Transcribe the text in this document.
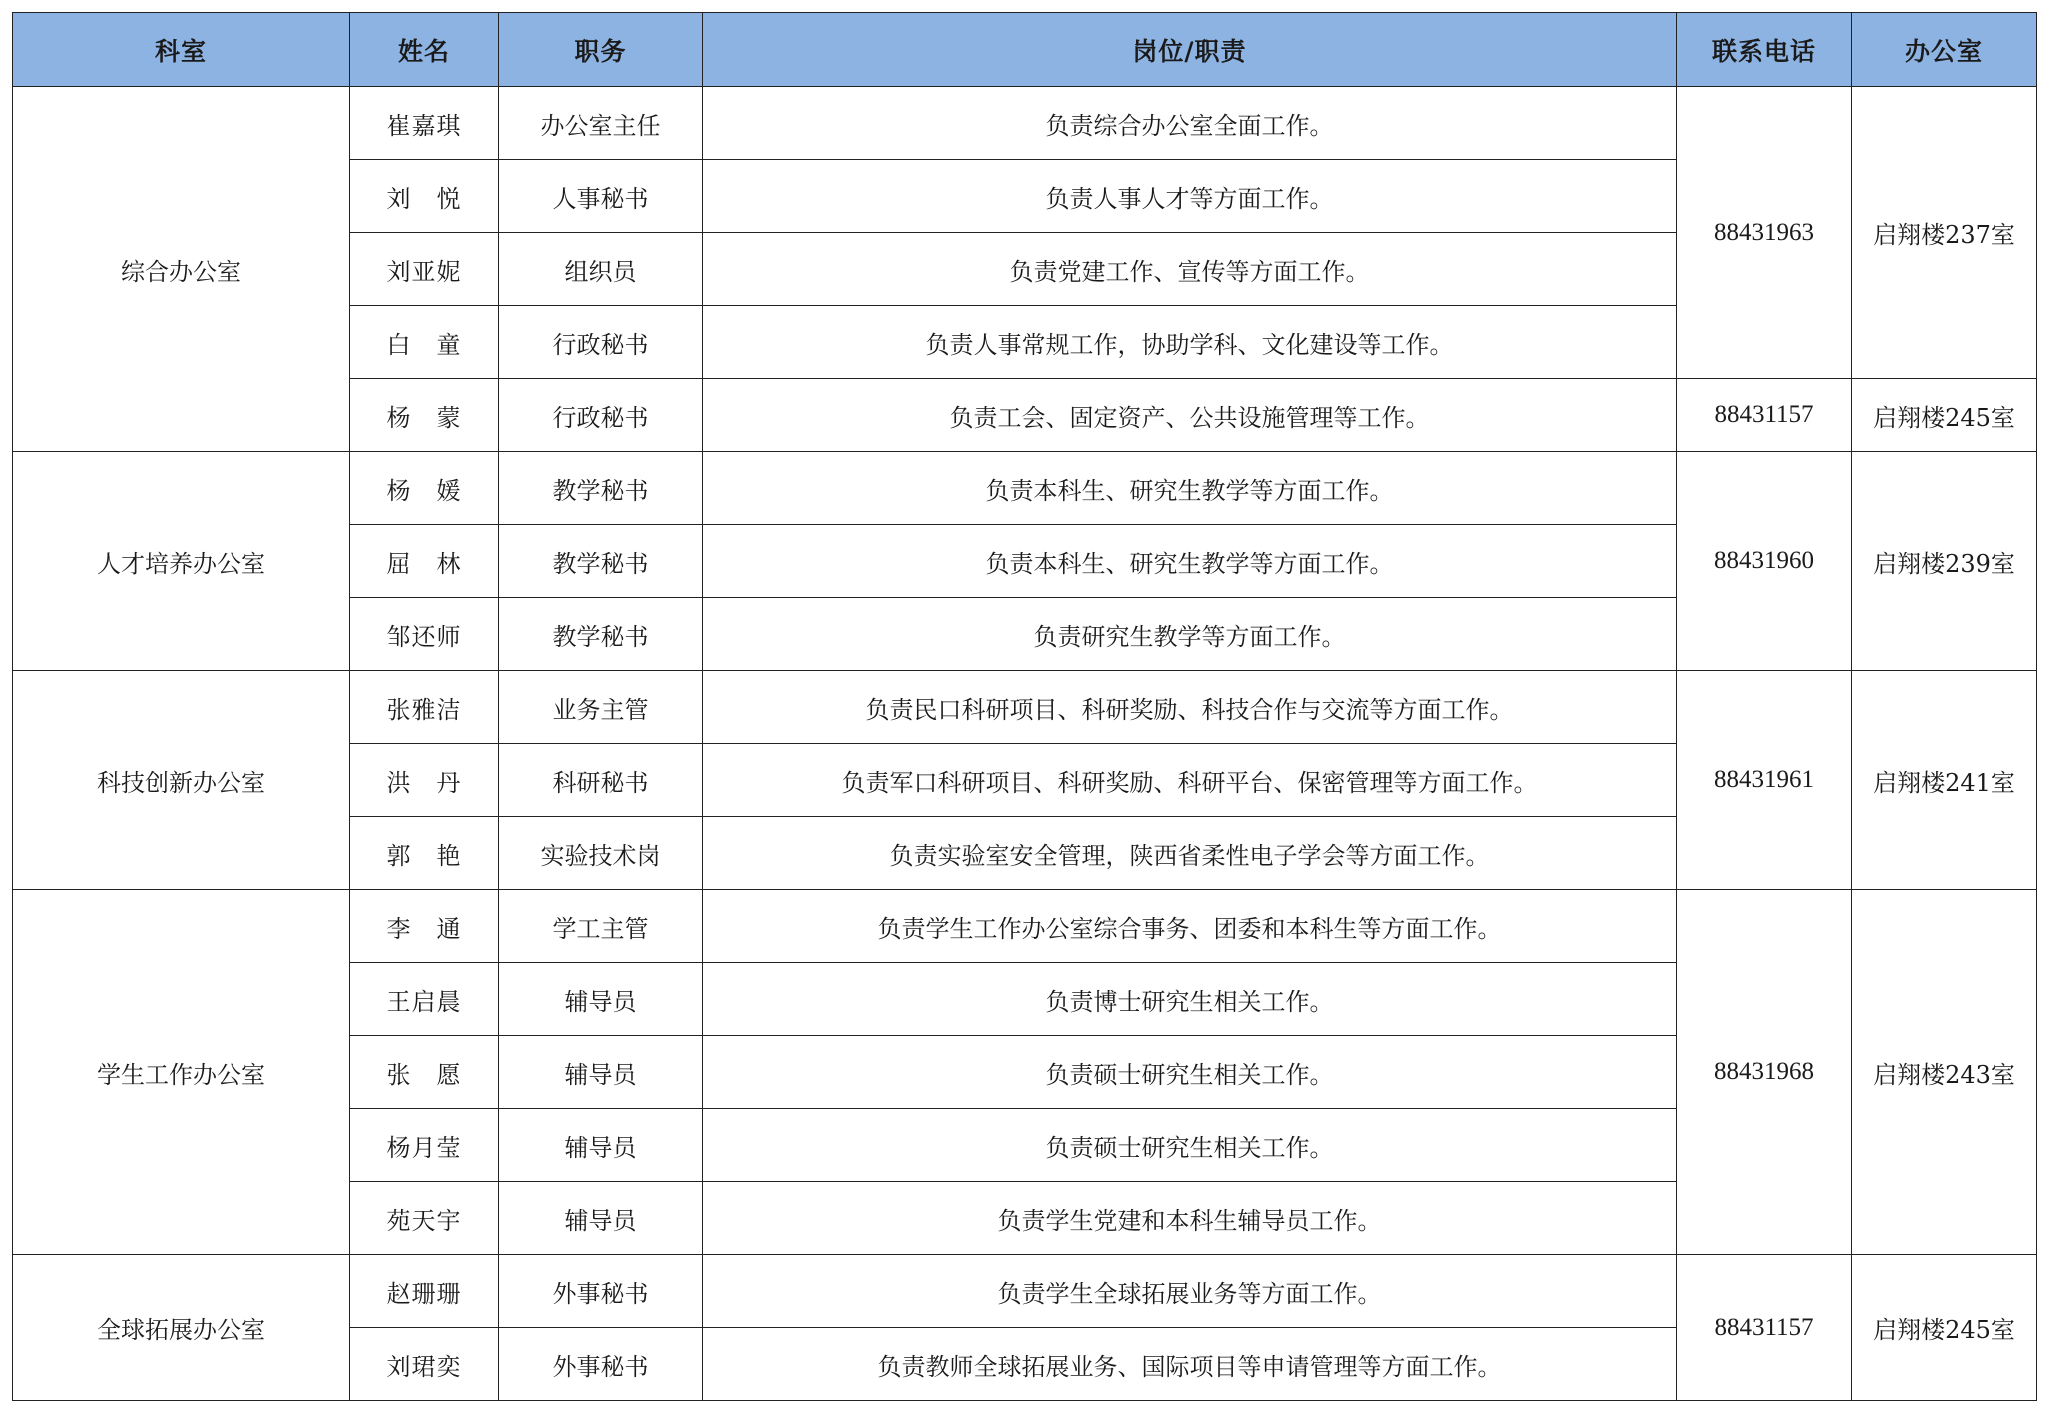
科室	姓名	职务	岗位/职责	联系电话	办公室
综合办公室	崔嘉琪	办公室主任	负责综合办公室全面工作。	88431963	启翔楼237室
	刘　悦	人事秘书	负责人事人才等方面工作。		
	刘亚妮	组织员	负责党建工作、宣传等方面工作。		
	白　童	行政秘书	负责人事常规工作，协助学科、文化建设等工作。		
	杨　蒙	行政秘书	负责工会、固定资产、公共设施管理等工作。	88431157	启翔楼245室
人才培养办公室	杨　媛	教学秘书	负责本科生、研究生教学等方面工作。	88431960	启翔楼239室
	屈　林	教学秘书	负责本科生、研究生教学等方面工作。		
	邹还师	教学秘书	负责研究生教学等方面工作。		
科技创新办公室	张雅洁	业务主管	负责民口科研项目、科研奖励、科技合作与交流等方面工作。	88431961	启翔楼241室
	洪　丹	科研秘书	负责军口科研项目、科研奖励、科研平台、保密管理等方面工作。		
	郭　艳	实验技术岗	负责实验室安全管理，陕西省柔性电子学会等方面工作。		
学生工作办公室	李　通	学工主管	负责学生工作办公室综合事务、团委和本科生等方面工作。	88431968	启翔楼243室
	王启晨	辅导员	负责博士研究生相关工作。		
	张　愿	辅导员	负责硕士研究生相关工作。		
	杨月莹	辅导员	负责硕士研究生相关工作。		
	苑天宇	辅导员	负责学生党建和本科生辅导员工作。		
全球拓展办公室	赵珊珊	外事秘书	负责学生全球拓展业务等方面工作。	88431157	启翔楼245室
	刘珺奕	外事秘书	负责教师全球拓展业务、国际项目等申请管理等方面工作。		
